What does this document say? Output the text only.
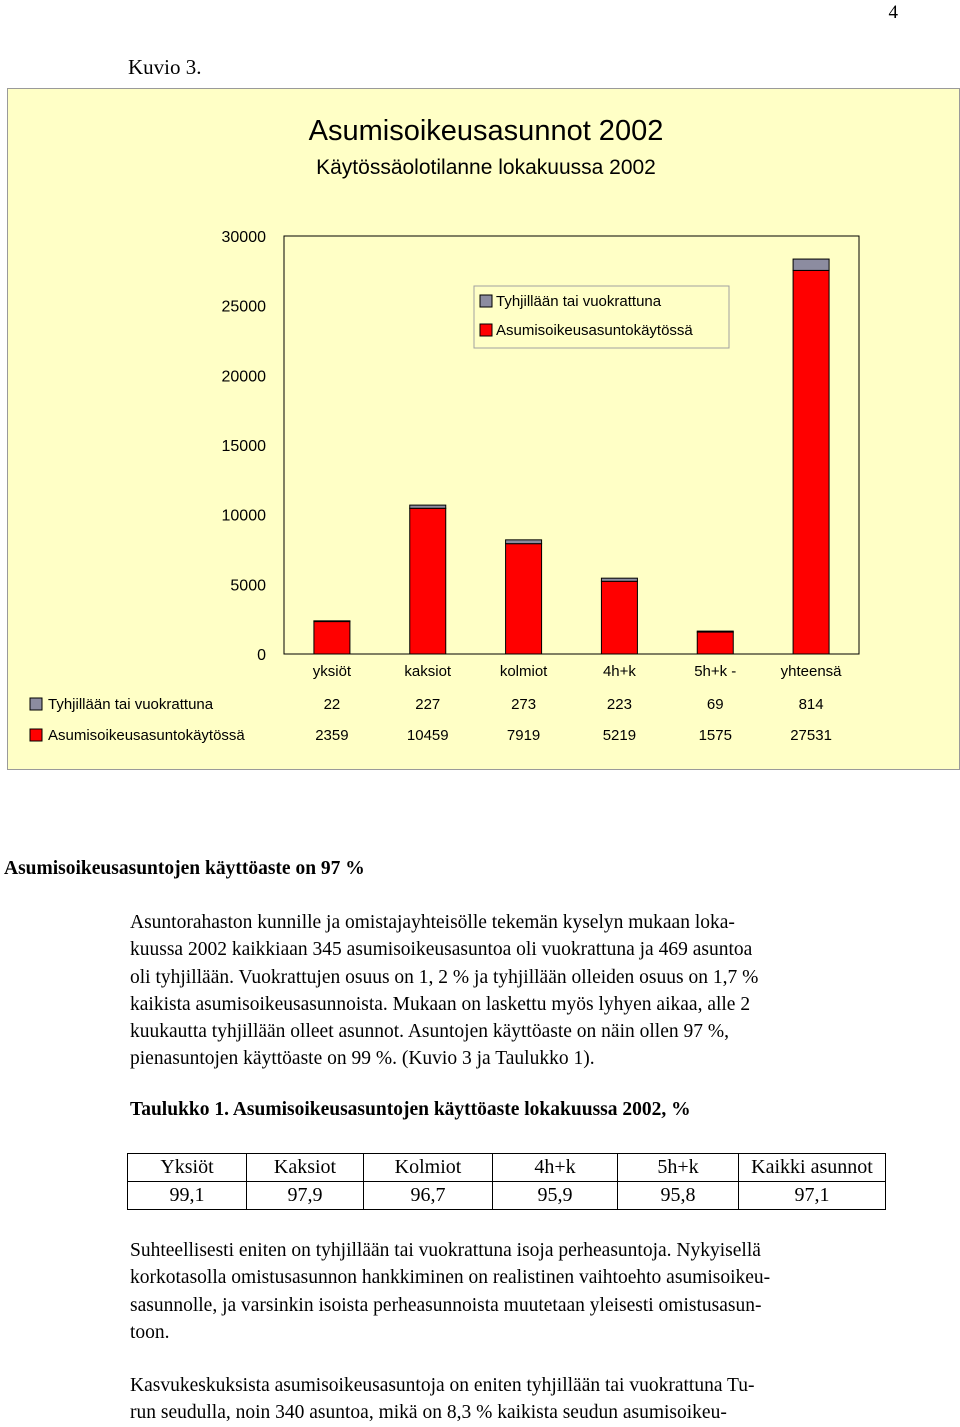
4
Kuvio 3.
Asumisoikeusasunnot 2002
Käytössäolotilanne lokakuussa 2002
30000
25000
20000
15000
10000
5000
0
yksiöt	kaksiot	kolmiot	4h+k	5h+k -	yhteensä
Tyhjillään tai vuokrattuna
Asumisoikeusasuntokäytössä
Tyhjillään tai vuokrattuna	22	227	273	223	69	814
Asumisoikeusasuntokäytössä	2359	10459	7919	5219	1575	27531
Asumisoikeusasuntojen käyttöaste on 97 %
Asuntorahaston kunnille ja omistajayhteisölle tekemän kyselyn mukaan loka-
kuussa 2002 kaikkiaan 345 asumisoikeusasuntoa oli vuokrattuna ja 469 asuntoa
oli tyhjillään. Vuokrattujen osuus on 1, 2 % ja tyhjillään olleiden osuus on 1,7 %
kaikista asumisoikeusasunnoista. Mukaan on laskettu myös lyhyen aikaa, alle 2
kuukautta tyhjillään olleet asunnot. Asuntojen käyttöaste on näin ollen 97 %,
pienasuntojen käyttöaste on 99 %. (Kuvio 3 ja Taulukko 1).
Taulukko 1. Asumisoikeusasuntojen käyttöaste lokakuussa 2002, %
Yksiöt	Kaksiot	Kolmiot	4h+k	5h+k	Kaikki asunnot
99,1	97,9	96,7	95,9	95,8	97,1
Suhteellisesti eniten on tyhjillään tai vuokrattuna isoja perheasuntoja. Nykyisellä
korkotasolla omistusasunnon hankkiminen on realistinen vaihtoehto asumisoikeu-
sasunnolle, ja varsinkin isoista perheasunnoista muutetaan yleisesti omistusasun-
toon.
Kasvukeskuksista asumisoikeusasuntoja on eniten tyhjillään tai vuokrattuna Tu-
run seudulla, noin 340 asuntoa, mikä on 8,3 % kaikista seudun asumisoikeu-
